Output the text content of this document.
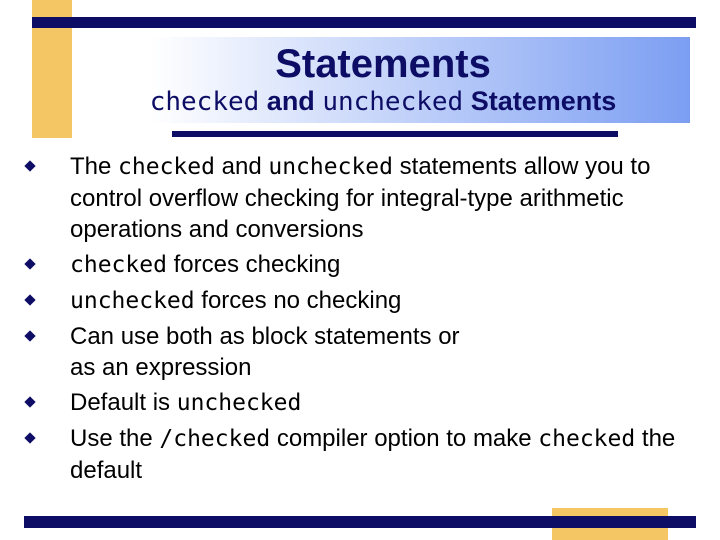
Statements
checked and unchecked Statements
The checked and unchecked statements allow you to control overflow checking for integral-type arithmetic operations and conversions
checked forces checking
unchecked forces no checking
Can use both as block statements or as an expression
Default is unchecked
Use the /checked compiler option to make checked the default
